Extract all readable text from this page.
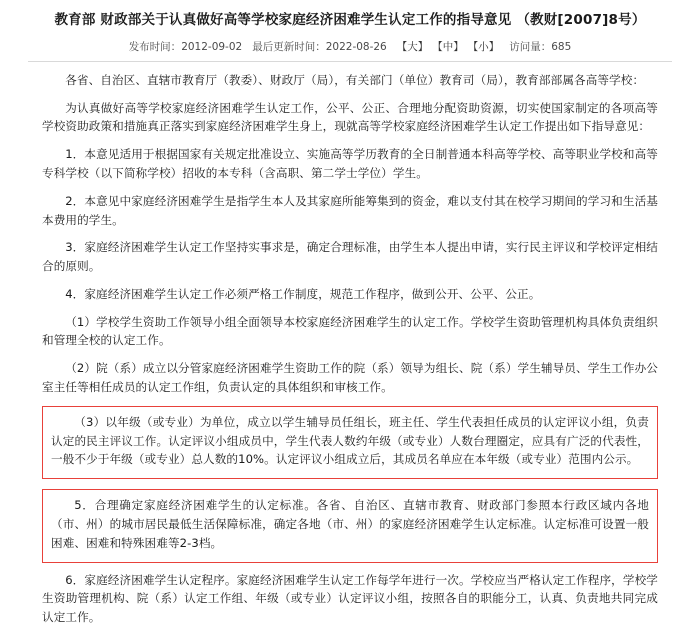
教育部 财政部关于认真做好高等学校家庭经济困难学生认定工作的指导意见 （教财[2007]8号）
发布时间：2012-09-02 最后更新时间：2022-08-26 【大】 【中】 【小】 访问量：685

各省、自治区、直辖市教育厅（教委）、财政厅（局），有关部门（单位）教育司（局），教育部部属各高等学校：

为认真做好高等学校家庭经济困难学生认定工作，公平、公正、合理地分配资助资源，切实使国家制定的各项高等学校资助政策和措施真正落实到家庭经济困难学生身上，现就高等学校家庭经济困难学生认定工作提出如下指导意见：

1．本意见适用于根据国家有关规定批准设立、实施高等学历教育的全日制普通本科高等学校、高等职业学校和高等专科学校（以下简称学校）招收的本专科（含高职、第二学士学位）学生。

2．本意见中家庭经济困难学生是指学生本人及其家庭所能筹集到的资金，难以支付其在校学习期间的学习和生活基本费用的学生。

3．家庭经济困难学生认定工作坚持实事求是，确定合理标准，由学生本人提出申请，实行民主评议和学校评定相结合的原则。

4．家庭经济困难学生认定工作必须严格工作制度，规范工作程序，做到公开、公平、公正。

（1）学校学生资助工作领导小组全面领导本校家庭经济困难学生的认定工作。学校学生资助管理机构具体负责组织和管理全校的认定工作。

（2）院（系）成立以分管家庭经济困难学生资助工作的院（系）领导为组长、院（系）学生辅导员、学生工作办公室主任等相任成员的认定工作组，负责认定的具体组织和审核工作。

（3）以年级（或专业）为单位，成立以学生辅导员任组长，班主任、学生代表担任成员的认定评议小组，负责认定的民主评议工作。认定评议小组成员中，学生代表人数约年级（或专业）人数台理圈定，应具有广泛的代表性，一般不少于年级（或专业）总人数的10%。认定评议小组成立后，其成员名单应在本年级（或专业）范围内公示。

5．合理确定家庭经济困难学生的认定标准。各省、自治区、直辖市教育、财政部门参照本行政区域内各地（市、州）的城市居民最低生活保障标准，确定各地（市、州）的家庭经济困难学生认定标准。认定标准可设置一般困难、困难和特殊困难等2-3档。

6．家庭经济困难学生认定程序。家庭经济困难学生认定工作每学年进行一次。学校应当严格认定工作程序，学校学生资助管理机构、院（系）认定工作组、年级（或专业）认定评议小组，按照各自的职能分工，认真、负责地共同完成认定工作。
